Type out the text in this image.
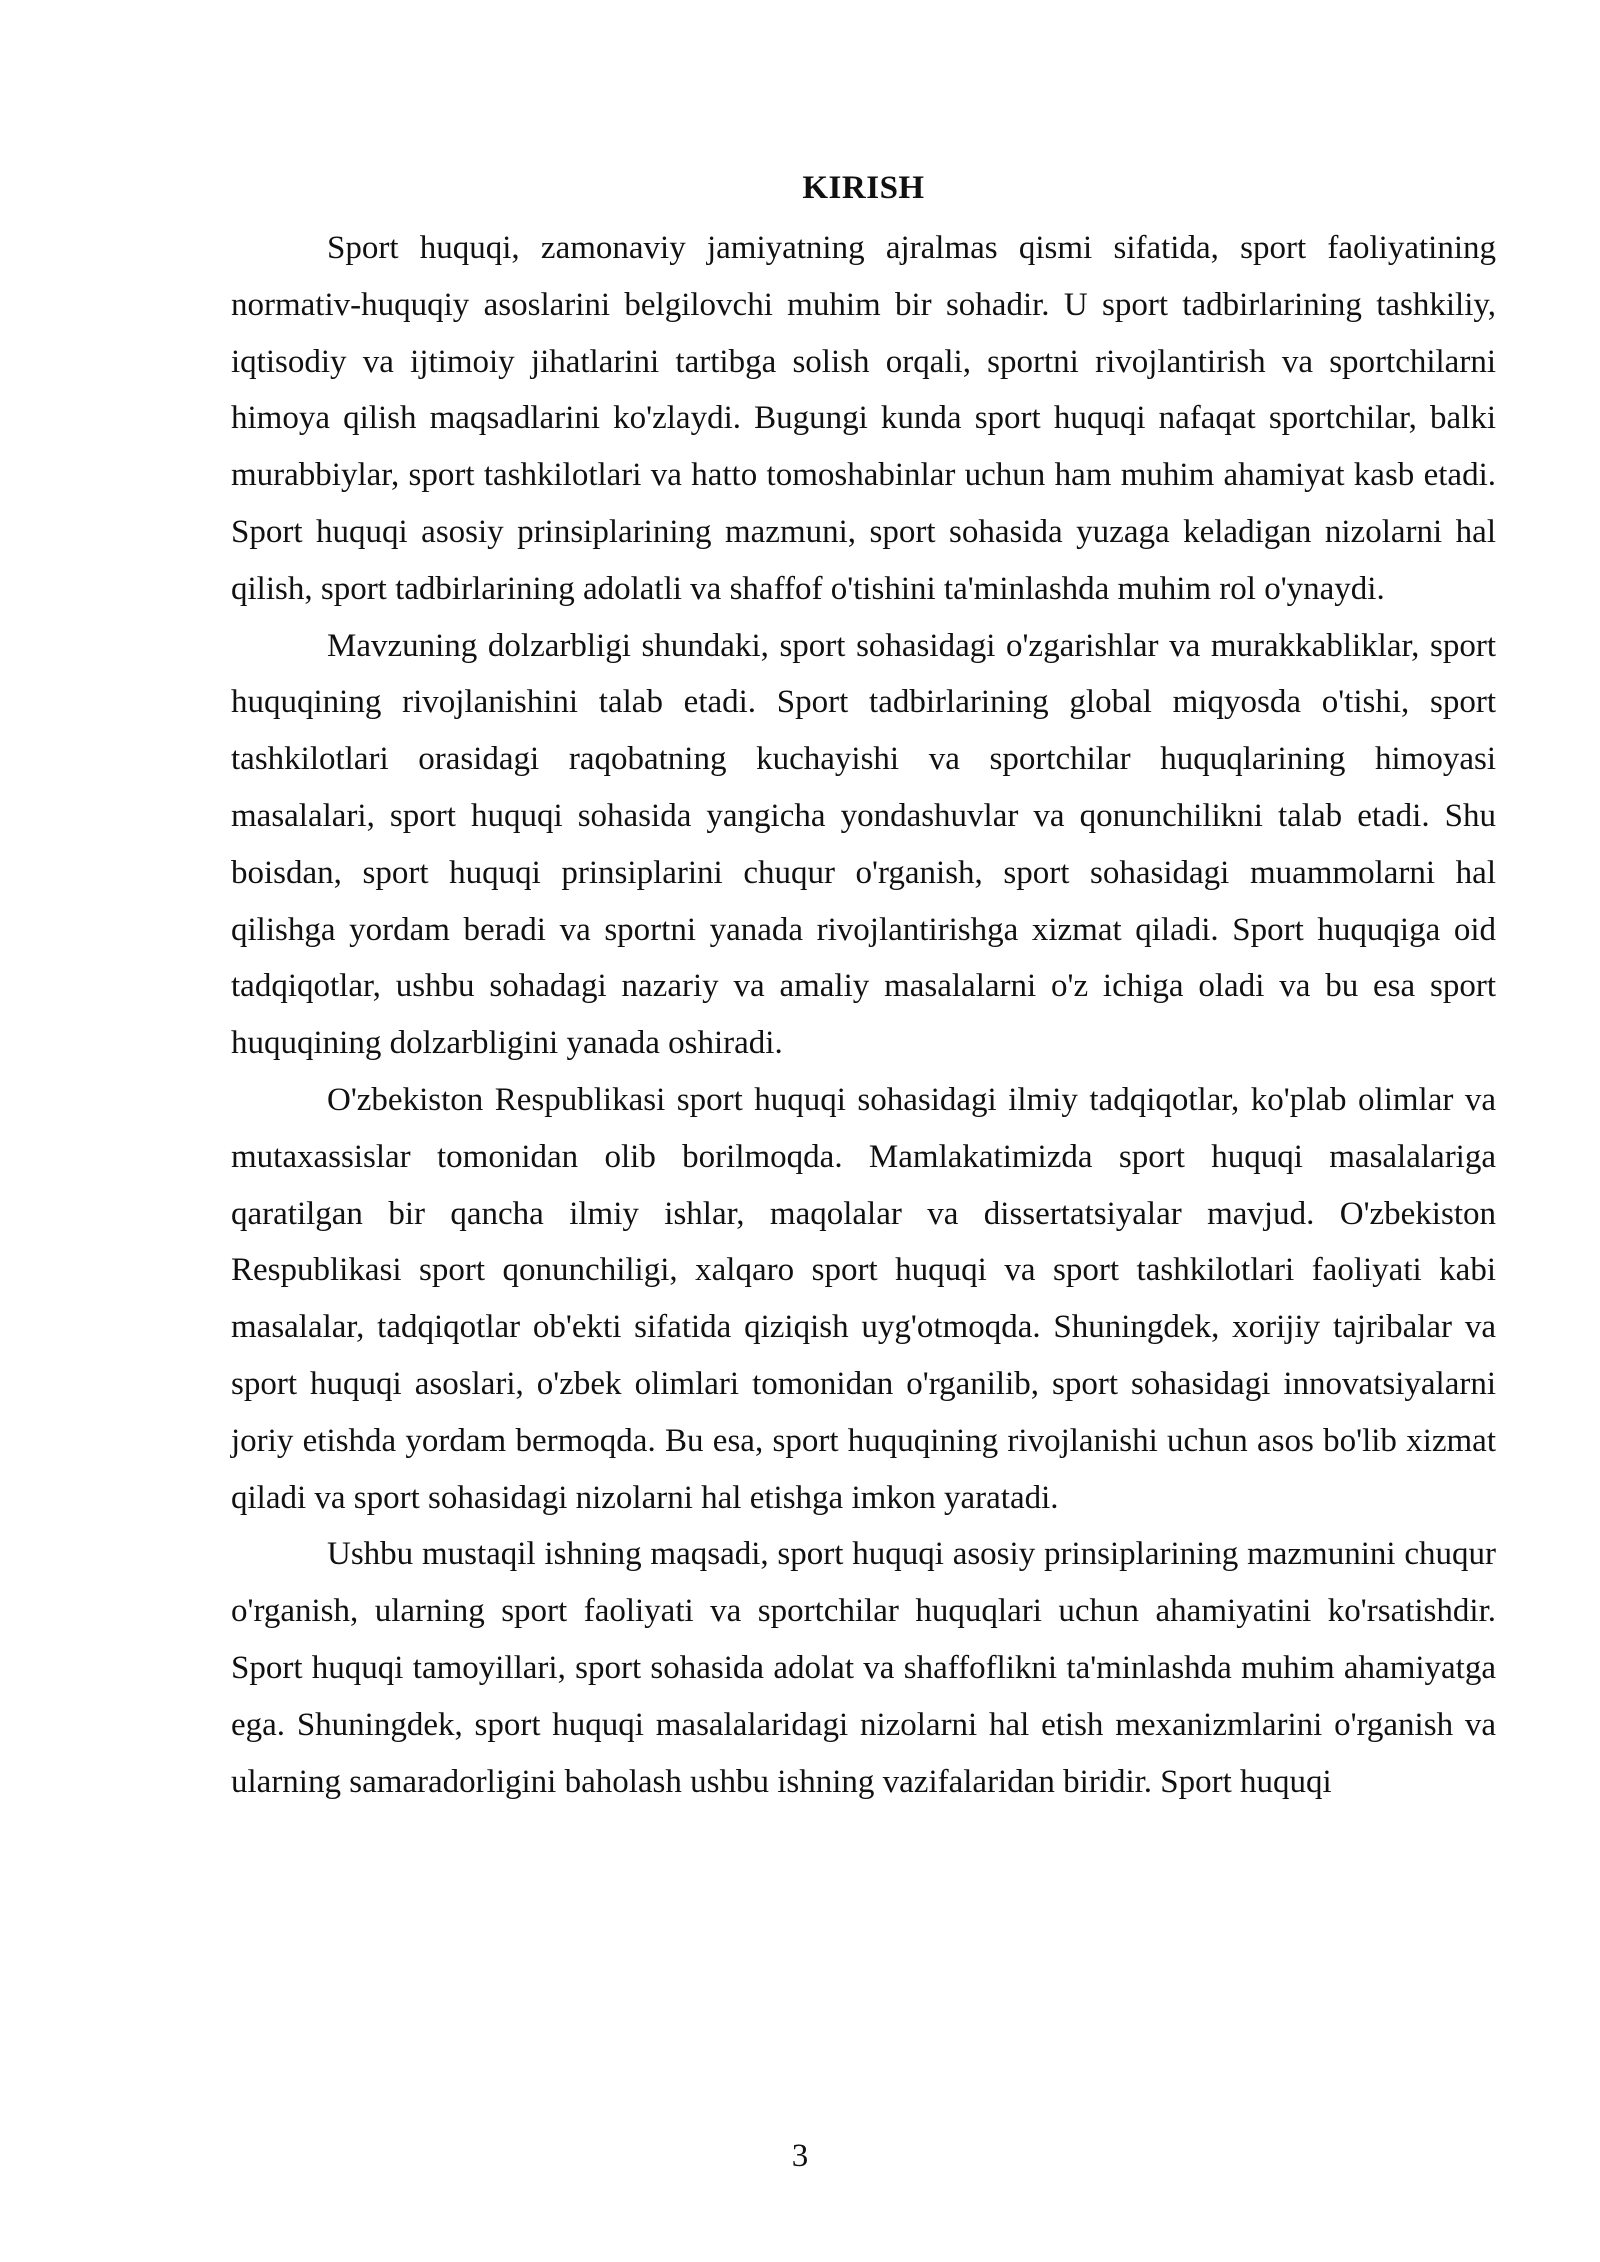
KIRISH

Sport huquqi, zamonaviy jamiyatning ajralmas qismi sifatida, sport faoliyatining normativ-huquqiy asoslarini belgilovchi muhim bir sohadir. U sport tadbirlarining tashkiliy, iqtisodiy va ijtimoiy jihatlarini tartibga solish orqali, sportni rivojlantirish va sportchilarni himoya qilish maqsadlarini ko'zlaydi. Bugungi kunda sport huquqi nafaqat sportchilar, balki murabbiylar, sport tashkilotlari va hatto tomoshabinlar uchun ham muhim ahamiyat kasb etadi. Sport huquqi asosiy prinsiplarining mazmuni, sport sohasida yuzaga keladigan nizolarni hal qilish, sport tadbirlarining adolatli va shaffof o'tishini ta'minlashda muhim rol o'ynaydi.

Mavzuning dolzarbligi shundaki, sport sohasidagi o'zgarishlar va murakkabliklar, sport huquqining rivojlanishini talab etadi. Sport tadbirlarining global miqyosda o'tishi, sport tashkilotlari orasidagi raqobatning kuchayishi va sportchilar huquqlarining himoyasi masalalari, sport huquqi sohasida yangicha yondashuvlar va qonunchilikni talab etadi. Shu boisdan, sport huquqi prinsiplarini chuqur o'rganish, sport sohasidagi muammolarni hal qilishga yordam beradi va sportni yanada rivojlantirishga xizmat qiladi. Sport huquqiga oid tadqiqotlar, ushbu sohadagi nazariy va amaliy masalalarni o'z ichiga oladi va bu esa sport huquqining dolzarbligini yanada oshiradi.

O'zbekiston Respublikasi sport huquqi sohasidagi ilmiy tadqiqotlar, ko'plab olimlar va mutaxassislar tomonidan olib borilmoqda. Mamlakatimizda sport huquqi masalalariga qaratilgan bir qancha ilmiy ishlar, maqolalar va dissertatsiyalar mavjud. O'zbekiston Respublikasi sport qonunchiligi, xalqaro sport huquqi va sport tashkilotlari faoliyati kabi masalalar, tadqiqotlar ob'ekti sifatida qiziqish uyg'otmoqda. Shuningdek, xorijiy tajribalar va sport huquqi asoslari, o'zbek olimlari tomonidan o'rganilib, sport sohasidagi innovatsiyalarni joriy etishda yordam bermoqda. Bu esa, sport huquqining rivojlanishi uchun asos bo'lib xizmat qiladi va sport sohasidagi nizolarni hal etishga imkon yaratadi.

Ushbu mustaqil ishning maqsadi, sport huquqi asosiy prinsiplarining mazmunini chuqur o'rganish, ularning sport faoliyati va sportchilar huquqlari uchun ahamiyatini ko'rsatishdir. Sport huquqi tamoyillari, sport sohasida adolat va shaffoflikni ta'minlashda muhim ahamiyatga ega. Shuningdek, sport huquqi masalalaridagi nizolarni hal etish mexanizmlarini o'rganish va ularning samaradorligini baholash ushbu ishning vazifalaridan biridir. Sport huquqi

3
